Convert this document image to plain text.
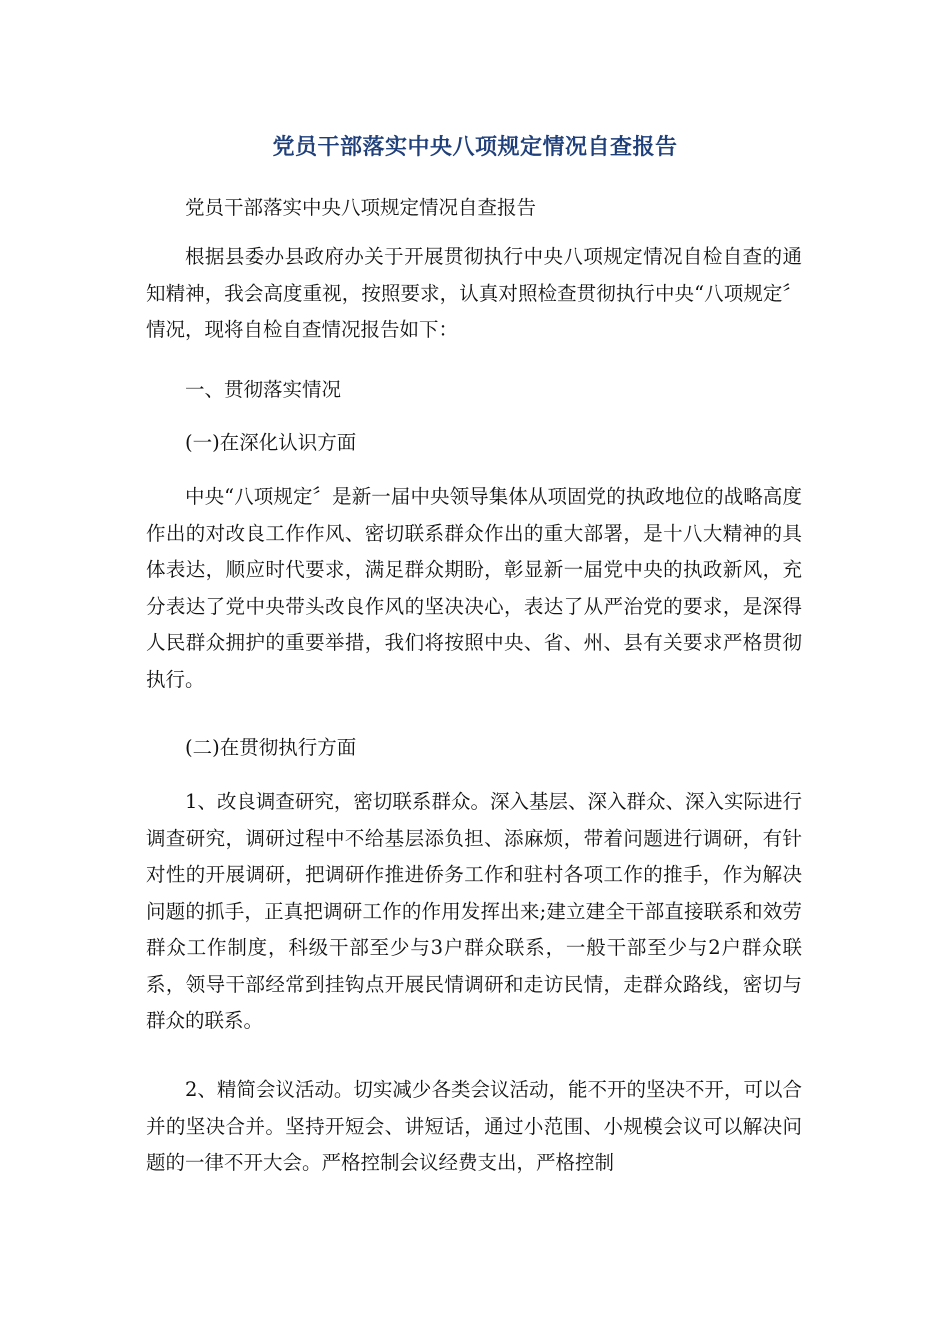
党员干部落实中央八项规定情况自查报告

党员干部落实中央八项规定情况自查报告

根据县委办县政府办关于开展贯彻执行中央八项规定情况自检自查的通知精神，我会高度重视，按照要求，认真对照检查贯彻执行中央“八项规定〞情况，现将自检自查情况报告如下：

一、贯彻落实情况

(一)在深化认识方面

中央“八项规定〞是新一届中央领导集体从项固党的执政地位的战略高度作出的对改良工作作风、密切联系群众作出的重大部署，是十八大精神的具体表达，顺应时代要求，满足群众期盼，彰显新一届党中央的执政新风，充分表达了党中央带头改良作风的坚决决心，表达了从严治党的要求，是深得人民群众拥护的重要举措，我们将按照中央、省、州、县有关要求严格贯彻执行。

(二)在贯彻执行方面

1、改良调查研究，密切联系群众。深入基层、深入群众、深入实际进行调查研究，调研过程中不给基层添负担、添麻烦，带着问题进行调研，有针对性的开展调研，把调研作推进侨务工作和驻村各项工作的推手，作为解决问题的抓手，正真把调研工作的作用发挥出来;建立建全干部直接联系和效劳群众工作制度，科级干部至少与3户群众联系，一般干部至少与2户群众联系，领导干部经常到挂钩点开展民情调研和走访民情，走群众路线，密切与群众的联系。

2、精简会议活动。切实减少各类会议活动，能不开的坚决不开，可以合并的坚决合并。坚持开短会、讲短话，通过小范围、小规模会议可以解决问题的一律不开大会。严格控制会议经费支出，严格控制
